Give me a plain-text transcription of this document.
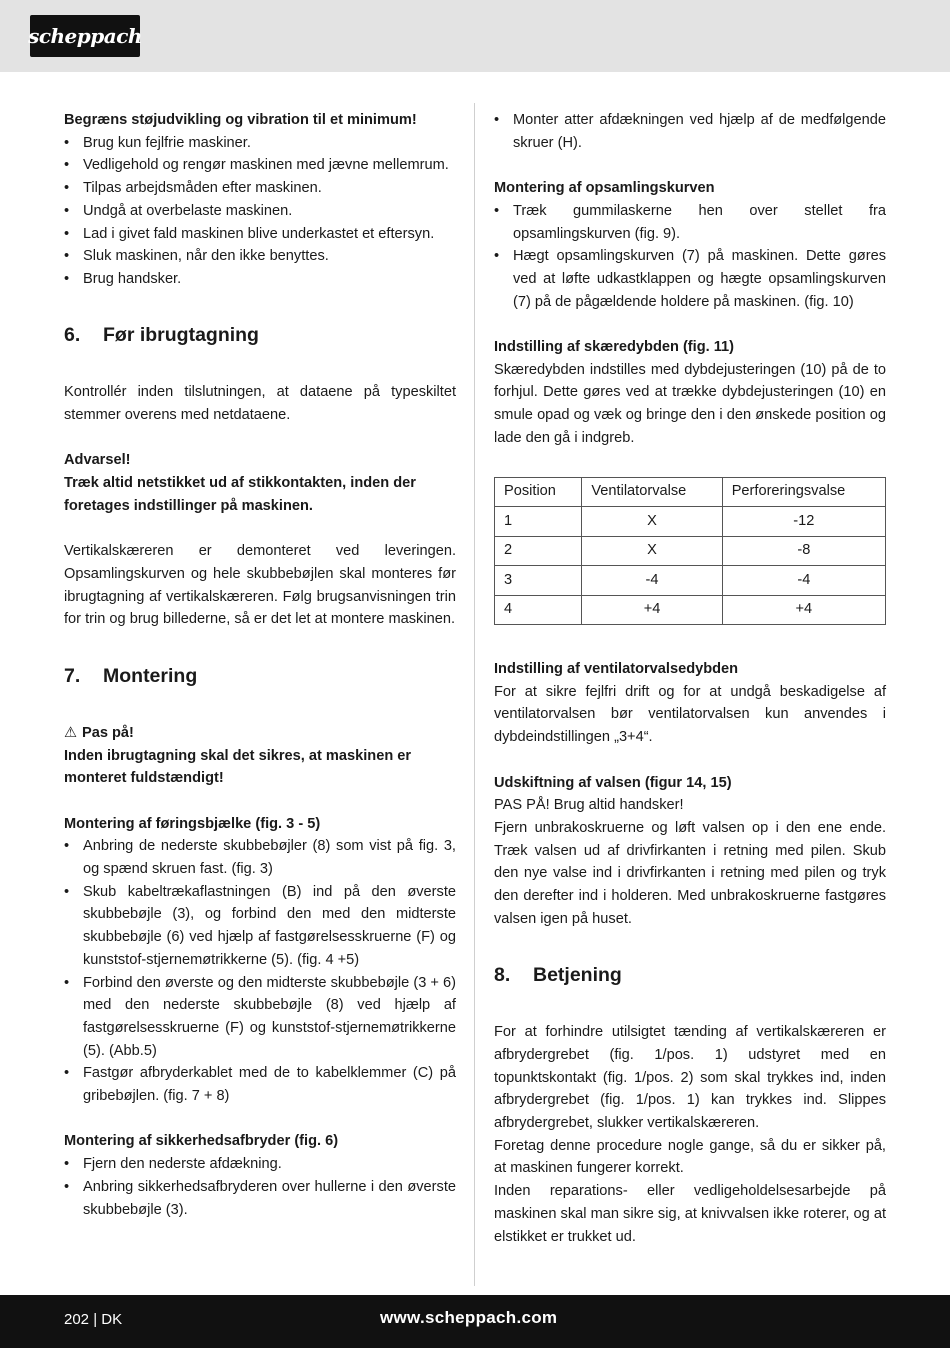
scheppach

Begræns støjudvikling og vibration til et minimum!

• Brug kun fejlfrie maskiner.
• Vedligehold og rengør maskinen med jævne mellemrum.
• Tilpas arbejdsmåden efter maskinen.
• Undgå at overbelaste maskinen.
• Lad i givet fald maskinen blive underkastet et eftersyn.
• Sluk maskinen, når den ikke benyttes.
• Brug handsker.
6.	Før ibrugtagning

Kontrollér inden tilslutningen, at dataene på typeskiltet stemmer overens med netdataene.

Advarsel!

Træk altid netstikket ud af stikkontakten, inden der foretages indstillinger på maskinen.

Vertikalskæreren er demonteret ved leveringen. Opsamlingskurven og hele skubbebøjlen skal monteres før ibrugtagning af vertikalskæreren. Følg brugsanvisningen trin for trin og brug billederne, så er det let at montere maskinen.

7.	Montering

⚠ Pas på!

Inden ibrugtagning skal det sikres, at maskinen er monteret fuldstændigt!

Montering af føringsbjælke (fig. 3 - 5)

• Anbring de nederste skubbebøjler (8) som vist på fig. 3, og spænd skruen fast. (fig. 3)
• Skub kabeltrækaflastningen (B) ind på den øverste skubbebøjle (3), og forbind den med den midterste skubbebøjle (6) ved hjælp af fastgørelsesskruerne (F) og kunststof-stjernemøtrikkerne (5). (fig. 4 +5)
• Forbind den øverste og den midterste skubbebøjle (3 + 6) med den nederste skubbebøjle (8) ved hjælp af fastgørelsesskruerne (F) og kunststof-stjernemøtrikkerne (5). (Abb.5)
• Fastgør afbryderkablet med de to kabelklemmer (C) på gribebøjlen. (fig. 7 + 8)

Montering af sikkerhedsafbryder (fig. 6)

• Fjern den nederste afdækning.
• Anbring sikkerhedsafbryderen over hullerne i den øverste skubbebøjle (3).
• Monter atter afdækningen ved hjælp af de medfølgende skruer (H).

Montering af opsamlingskurven

• Træk gummilaskerne hen over stellet fra opsamlingskurven (fig. 9).
• Hægt opsamlingskurven (7) på maskinen. Dette gøres ved at løfte udkastklappen og hægte opsamlingskurven (7) på de pågældende holdere på maskinen. (fig. 10)

Indstilling af skæredybden (fig. 11)

Skæredybden indstilles med dybdejusteringen (10) på de to forhjul. Dette gøres ved at trække dybdejusteringen (10) en smule opad og væk og bringe den i den ønskede position og lade den gå i indgreb.

Position	Ventilatorvalse	Perforeringsvalse
1	X	-12
2	X	-8
3	-4	-4
4	+4	+4

Indstilling af ventilatorvalsedybden

For at sikre fejlfri drift og for at undgå beskadigelse af ventilatorvalsen bør ventilatorvalsen kun anvendes i dybdeindstillingen „3+4“.

Udskiftning af valsen (figur 14, 15)

PAS PÅ! Brug altid handsker!

Fjern unbrakoskruerne og løft valsen op i den ene ende. Træk valsen ud af drivfirkanten i retning med pilen. Skub den nye valse ind i drivfirkanten i retning med pilen og tryk den derefter ind i holderen. Med unbrakoskruerne fastgøres valsen igen på huset.

8.	Betjening

For at forhindre utilsigtet tænding af vertikalskæreren er afbrydergrebet (fig. 1/pos. 1) udstyret med en topunktskontakt (fig. 1/pos. 2) som skal trykkes ind, inden afbrydergrebet (fig. 1/pos. 1) kan trykkes ind. Slippes afbrydergrebet, slukker vertikalskæreren.

Foretag denne procedure nogle gange, så du er sikker på, at maskinen fungerer korrekt.

Inden reparations- eller vedligeholdelsesarbejde på maskinen skal man sikre sig, at knivvalsen ikke roterer, og at elstikket er trukket ud.

202 | DK	www.scheppach.com
